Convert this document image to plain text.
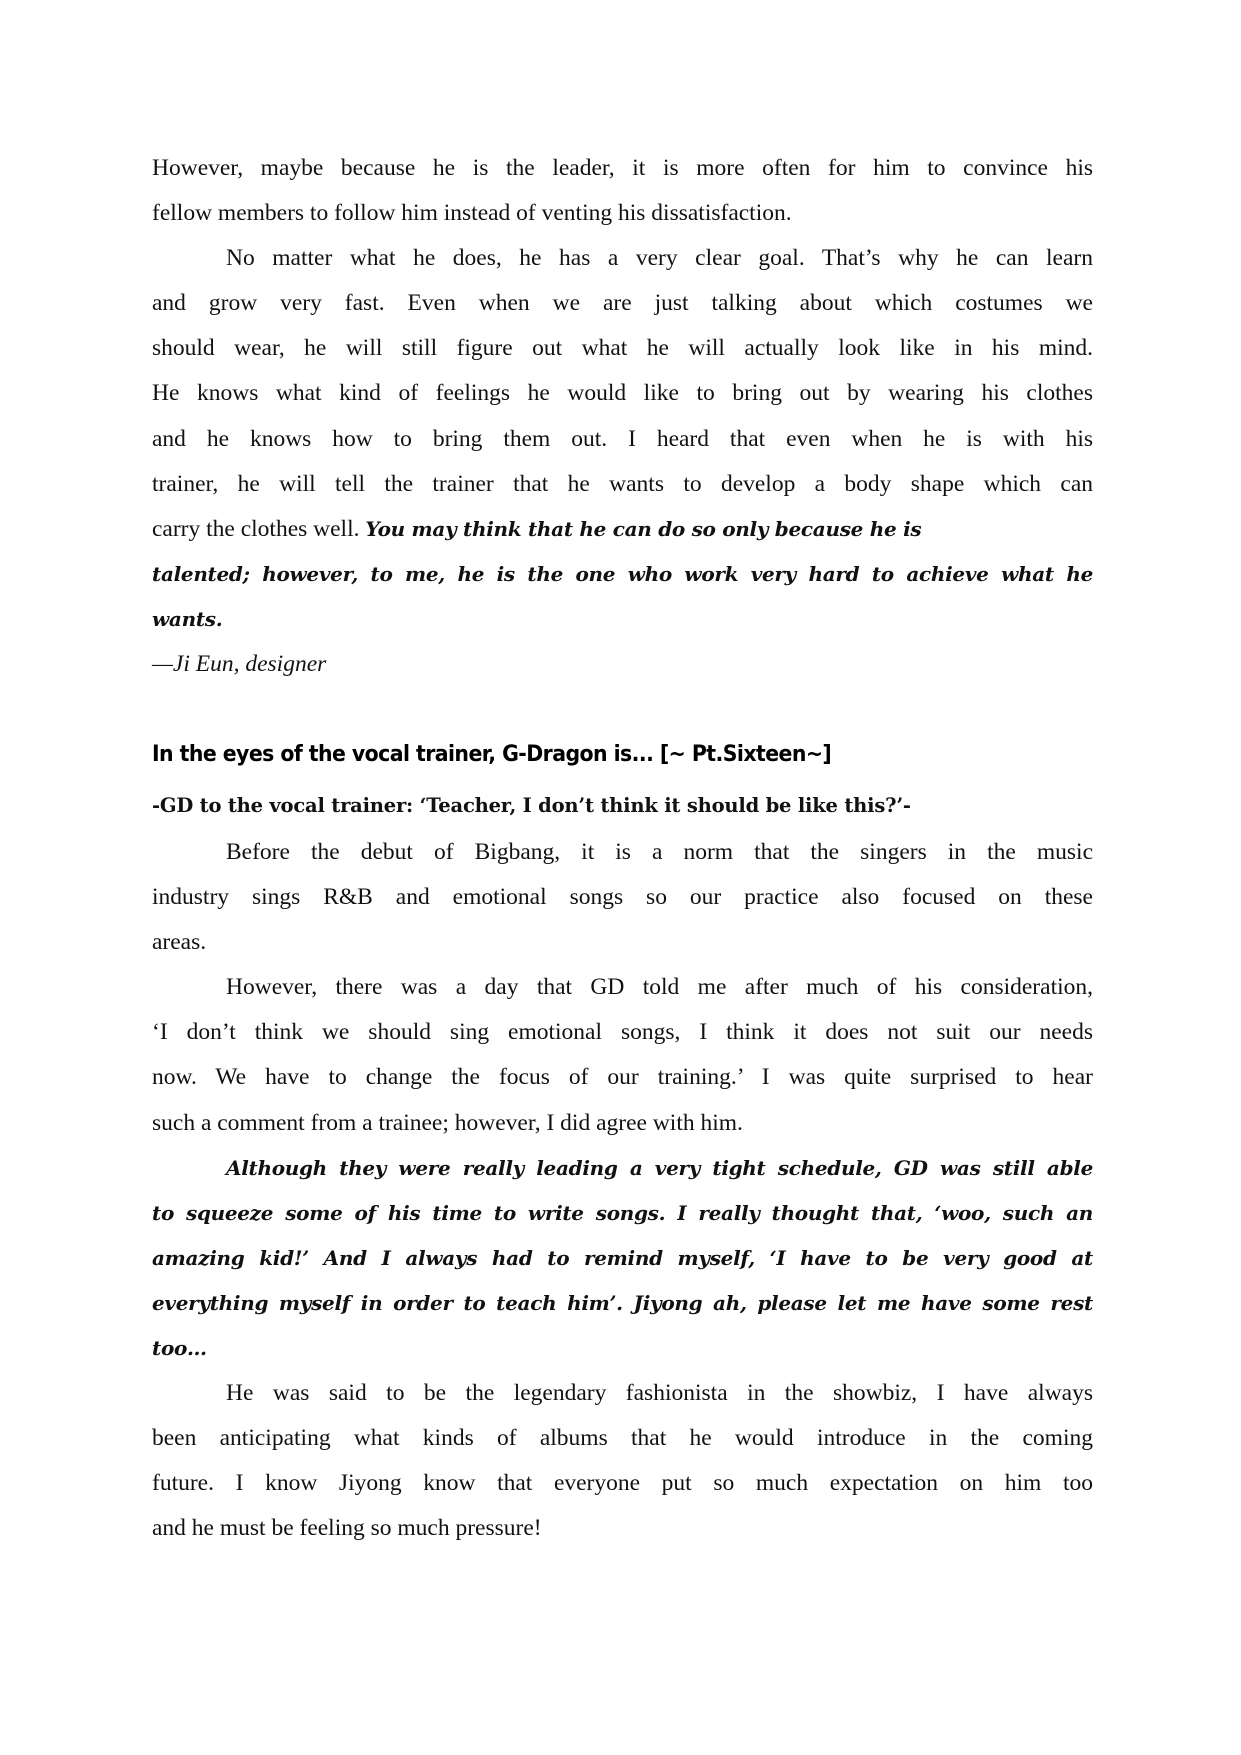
However, maybe because he is the leader, it is more often for him to convince his
fellow members to follow him instead of venting his dissatisfaction.
No matter what he does, he has a very clear goal. That’s why he can learn
and grow very fast. Even when we are just talking about which costumes we
should wear, he will still figure out what he will actually look like in his mind.
He knows what kind of feelings he would like to bring out by wearing his clothes
and he knows how to bring them out. I heard that even when he is with his
trainer, he will tell the trainer that he wants to develop a body shape which can
carry the clothes well. You may think that he can do so only because he is
talented; however, to me, he is the one who work very hard to achieve what he
wants.
—Ji Eun, designer
In the eyes of the vocal trainer, G-Dragon is... [~ Pt.Sixteen~]
-GD to the vocal trainer: ‘Teacher, I don’t think it should be like this?’-
Before the debut of Bigbang, it is a norm that the singers in the music
industry sings R&B and emotional songs so our practice also focused on these
areas.
However, there was a day that GD told me after much of his consideration,
‘I don’t think we should sing emotional songs, I think it does not suit our needs
now. We have to change the focus of our training.’ I was quite surprised to hear
such a comment from a trainee; however, I did agree with him.
Although they were really leading a very tight schedule, GD was still able
to squeeze some of his time to write songs. I really thought that, ‘woo, such an
amazing kid!’ And I always had to remind myself, ‘I have to be very good at
everything myself in order to teach him’. Jiyong ah, please let me have some rest
too…
He was said to be the legendary fashionista in the showbiz, I have always
been anticipating what kinds of albums that he would introduce in the coming
future. I know Jiyong know that everyone put so much expectation on him too
and he must be feeling so much pressure!
